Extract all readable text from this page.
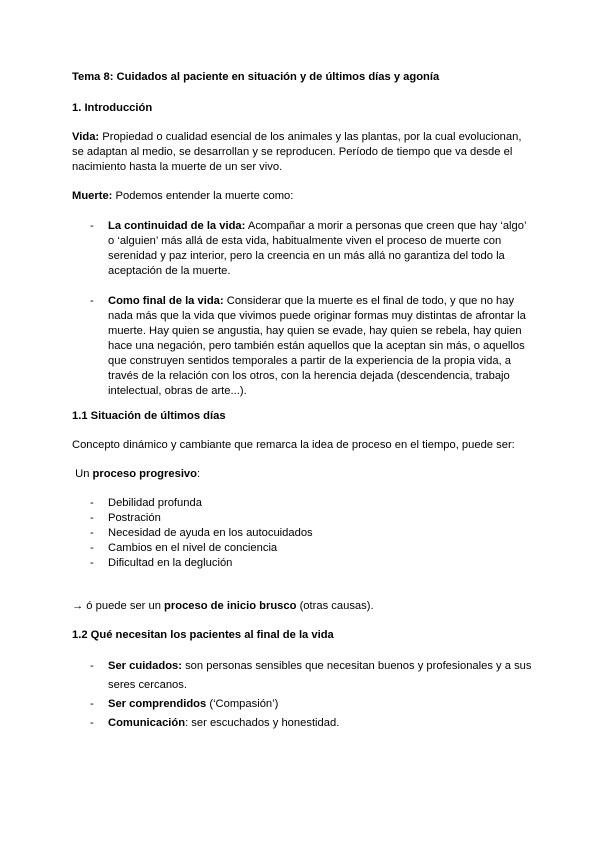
Tema 8: Cuidados al paciente en situación y de últimos días y agonía

1. Introducción

Vida: Propiedad o cualidad esencial de los animales y las plantas, por la cual evolucionan, se adaptan al medio, se desarrollan y se reproducen. Período de tiempo que va desde el nacimiento hasta la muerte de un ser vivo.

Muerte: Podemos entender la muerte como:

- La continuidad de la vida: Acompañar a morir a personas que creen que hay ‘algo’ o ‘alguien’ más allá de esta vida, habitualmente viven el proceso de muerte con serenidad y paz interior, pero la creencia en un más allá no garantiza del todo la aceptación de la muerte.
- Como final de la vida: Considerar que la muerte es el final de todo, y que no hay nada más que la vida que vivimos puede originar formas muy distintas de afrontar la muerte. Hay quien se angustia, hay quien se evade, hay quien se rebela, hay quien hace una negación, pero también están aquellos que la aceptan sin más, o aquellos que construyen sentidos temporales a partir de la experiencia de la propia vida, a través de la relación con los otros, con la herencia dejada (descendencia, trabajo intelectual, obras de arte...).

1.1 Situación de últimos días

Concepto dinámico y cambiante que remarca la idea de proceso en el tiempo, puede ser:

Un proceso progresivo:

- Debilidad profunda
- Postración
- Necesidad de ayuda en los autocuidados
- Cambios en el nivel de conciencia
- Dificultad en la deglución

→ ó puede ser un proceso de inicio brusco (otras causas).

1.2 Qué necesitan los pacientes al final de la vida

- Ser cuidados: son personas sensibles que necesitan buenos y profesionales y a sus seres cercanos.
- Ser comprendidos (‘Compasión’)
- Comunicación: ser escuchados y honestidad.
